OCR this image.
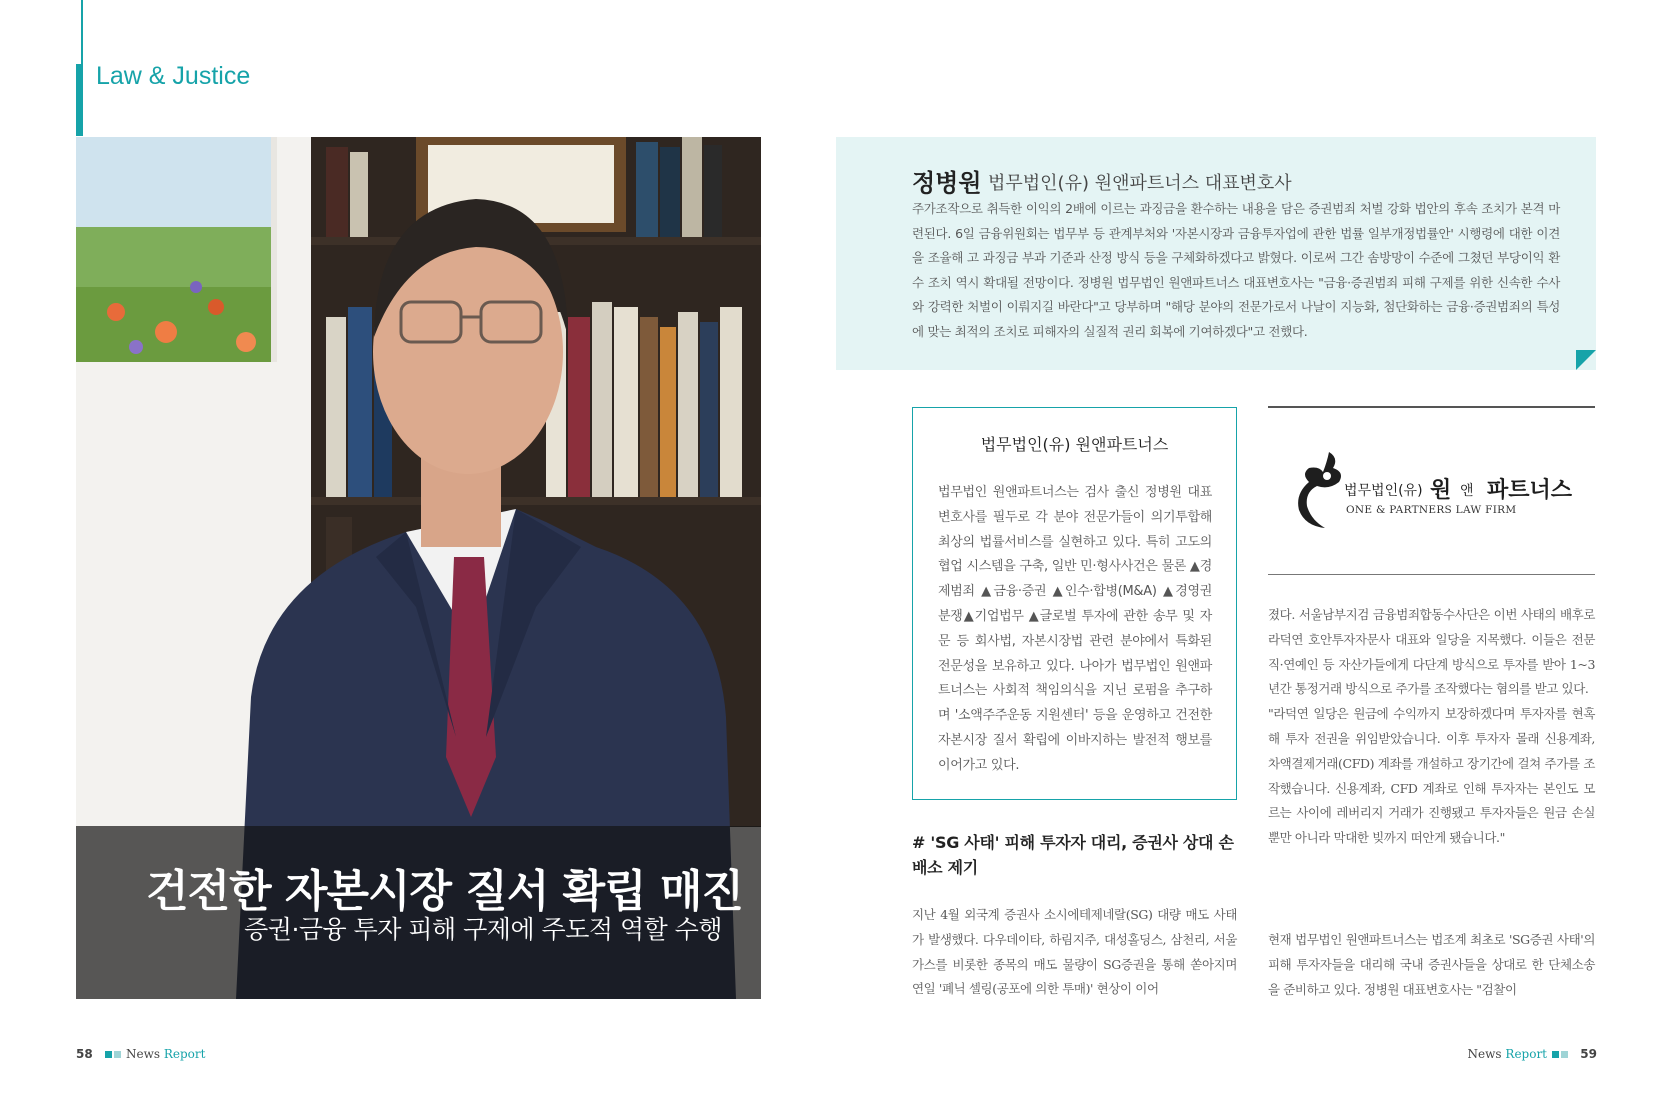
Law & Justice
건전한 자본시장 질서 확립 매진
증권·금융 투자 피해 구제에 주도적 역할 수행
정병원 법무법인(유) 원앤파트너스 대표변호사
주가조작으로 취득한 이익의 2배에 이르는 과징금을 환수하는 내용을 담은 증권범죄 처벌 강화 법안의 후속 조치가 본격 마련된다. 6일 금융위원회는 법무부 등 관계부처와 '자본시장과 금융투자업에 관한 법률 일부개정법률안' 시행령에 대한 이견을 조율해 고 과징금 부과 기준과 산정 방식 등을 구체화하겠다고 밝혔다. 이로써 그간 솜방망이 수준에 그쳤던 부당이익 환수 조치 역시 확대될 전망이다. 정병원 법무법인 원앤파트너스 대표변호사는 "금융·증권범죄 피해 구제를 위한 신속한 수사와 강력한 처벌이 이뤄지길 바란다"고 당부하며 "해당 분야의 전문가로서 나날이 지능화, 첨단화하는 금융·증권범죄의 특성에 맞는 최적의 조치로 피해자의 실질적 권리 회복에 기여하겠다"고 전했다.
법무법인(유) 원앤파트너스
법무법인 원앤파트너스는 검사 출신 정병원 대표변호사를 필두로 각 분야 전문가들이 의기투합해 최상의 법률서비스를 실현하고 있다. 특히 고도의 협업 시스템을 구축, 일반 민·형사사건은 물론 ▲경제범죄 ▲금융·증권 ▲인수·합병(M&A) ▲경영권 분쟁▲기업법무 ▲글로벌 투자에 관한 송무 및 자문 등 회사법, 자본시장법 관련 분야에서 특화된 전문성을 보유하고 있다. 나아가 법무법인 원앤파트너스는 사회적 책임의식을 지닌 로펌을 추구하며 '소액주주운동 지원센터' 등을 운영하고 건전한 자본시장 질서 확립에 이바지하는 발전적 행보를 이어가고 있다.
법무법인(유) 원 앤 파트너스
ONE & PARTNERS LAW FIRM
# 'SG 사태' 피해 투자자 대리, 증권사 상대 손배소 제기
지난 4월 외국계 증권사 소시에테제네랄(SG) 대량 매도 사태가 발생했다. 다우데이타, 하림지주, 대성홀딩스, 삼천리, 서울가스를 비롯한 종목의 매도 물량이 SG증권을 통해 쏟아지며 연일 '폐닉 셀링(공포에 의한 투매)' 현상이 이어
졌다. 서울남부지검 금융범죄합동수사단은 이번 사태의 배후로 라덕연 호안투자자문사 대표와 일당을 지목했다. 이들은 전문직·연예인 등 자산가들에게 다단계 방식으로 투자를 받아 1~3년간 통정거래 방식으로 주가를 조작했다는 혐의를 받고 있다.
"라덕연 일당은 원금에 수익까지 보장하겠다며 투자자를 현혹해 투자 전권을 위임받았습니다. 이후 투자자 몰래 신용계좌, 차액결제거래(CFD) 계좌를 개설하고 장기간에 걸쳐 주가를 조작했습니다. 신용계좌, CFD 계좌로 인해 투자자는 본인도 모르는 사이에 레버리지 거래가 진행됐고 투자자들은 원금 손실뿐만 아니라 막대한 빚까지 떠안게 됐습니다."
현재 법무법인 원앤파트너스는 법조계 최초로 'SG증권 사태'의 피해 투자자들을 대리해 국내 증권사들을 상대로 한 단체소송을 준비하고 있다. 정병원 대표변호사는 "검찰이
58	News Report	News Report	59
